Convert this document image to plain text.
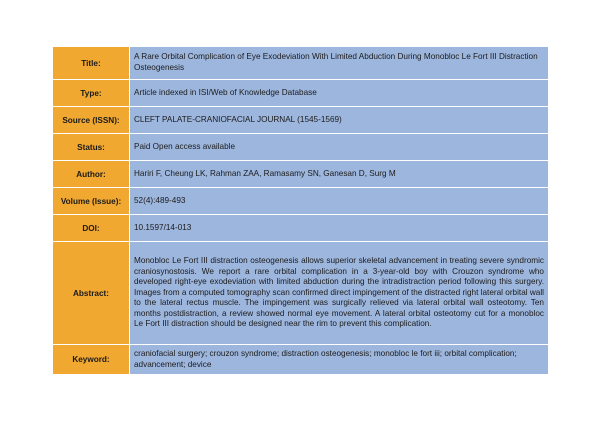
Title:	A Rare Orbital Complication of Eye Exodeviation With Limited Abduction During Monobloc Le Fort III Distraction Osteogenesis
Type:	Article indexed in ISI/Web of Knowledge Database
Source (ISSN):	CLEFT PALATE-CRANIOFACIAL JOURNAL (1545-1569)
Status:	Paid Open access available
Author:	Hariri F, Cheung LK, Rahman ZAA, Ramasamy SN, Ganesan D, Surg M
Volume (Issue):	52(4):489-493
DOI:	10.1597/14-013
Abstract:	Monobloc Le Fort III distraction osteogenesis allows superior skeletal advancement in treating severe syndromic craniosynostosis. We report a rare orbital complication in a 3-year-old boy with Crouzon syndrome who developed right-eye exodeviation with limited abduction during the intradistraction period following this surgery. Images from a computed tomography scan confirmed direct impingement of the distracted right lateral orbital wall to the lateral rectus muscle. The impingement was surgically relieved via lateral orbital wall osteotomy. Ten months postdistraction, a review showed normal eye movement. A lateral orbital osteotomy cut for a monobloc Le Fort III distraction should be designed near the rim to prevent this complication.
Keyword:	craniofacial surgery; crouzon syndrome; distraction osteogenesis; monobloc le fort iii; orbital complication; advancement; device
